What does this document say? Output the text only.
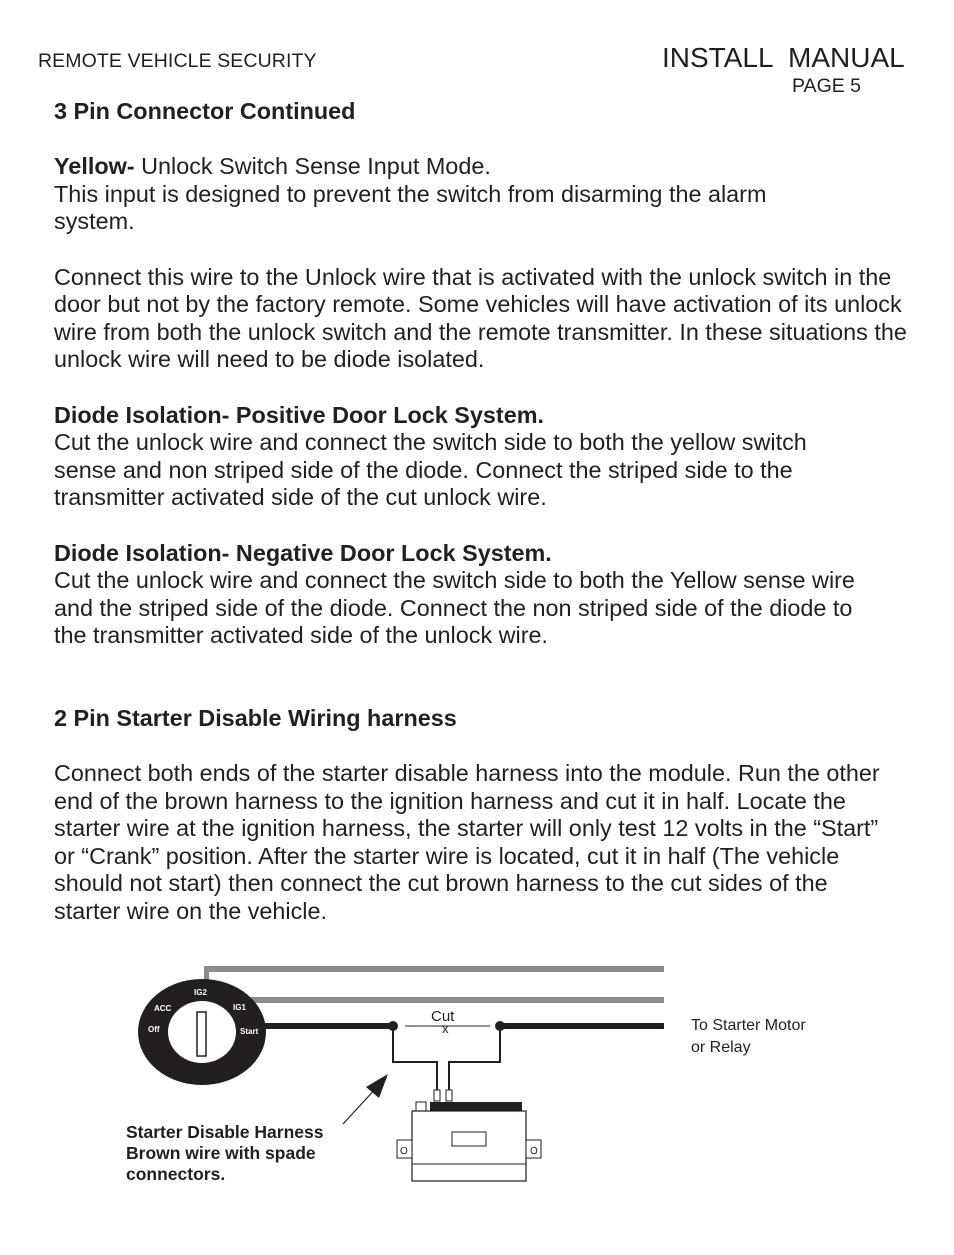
REMOTE VEHICLE SECURITY	INSTALL  MANUAL
PAGE 5

3 Pin Connector Continued

Yellow- Unlock Switch Sense Input Mode.

This input is designed to prevent the switch from disarming the alarm system.

Connect this wire to the Unlock wire that is activated with the unlock switch in the door but not by the factory remote. Some vehicles will have activation of its unlock wire from both the unlock switch and the remote transmitter. In these situations the unlock wire will need to be diode isolated.

Diode Isolation- Positive Door Lock System.

Cut the unlock wire and connect the switch side to both the yellow switch sense and non striped side of the diode. Connect the striped side to the transmitter activated side of the cut unlock wire.

Diode Isolation- Negative Door Lock System.

Cut the unlock wire and connect the switch side to both the Yellow sense wire and the striped side of the diode. Connect the non striped side of the diode to the transmitter activated side of the unlock wire.

2 Pin Starter Disable Wiring harness

Connect both ends of the starter disable harness into the module. Run the other end of the brown harness to the ignition harness and cut it in half. Locate the starter wire at the ignition harness, the starter will only test 12 volts in the “Start” or “Crank” position. After the starter wire is located, cut it in half (The vehicle should not start) then connect the cut brown harness to the cut sides of the starter wire on the vehicle.

Cut
x
IG2
ACC	IG1
Off	Start
O	O
To Starter Motor
or Relay
Starter Disable Harness
Brown wire with spade
connectors.
